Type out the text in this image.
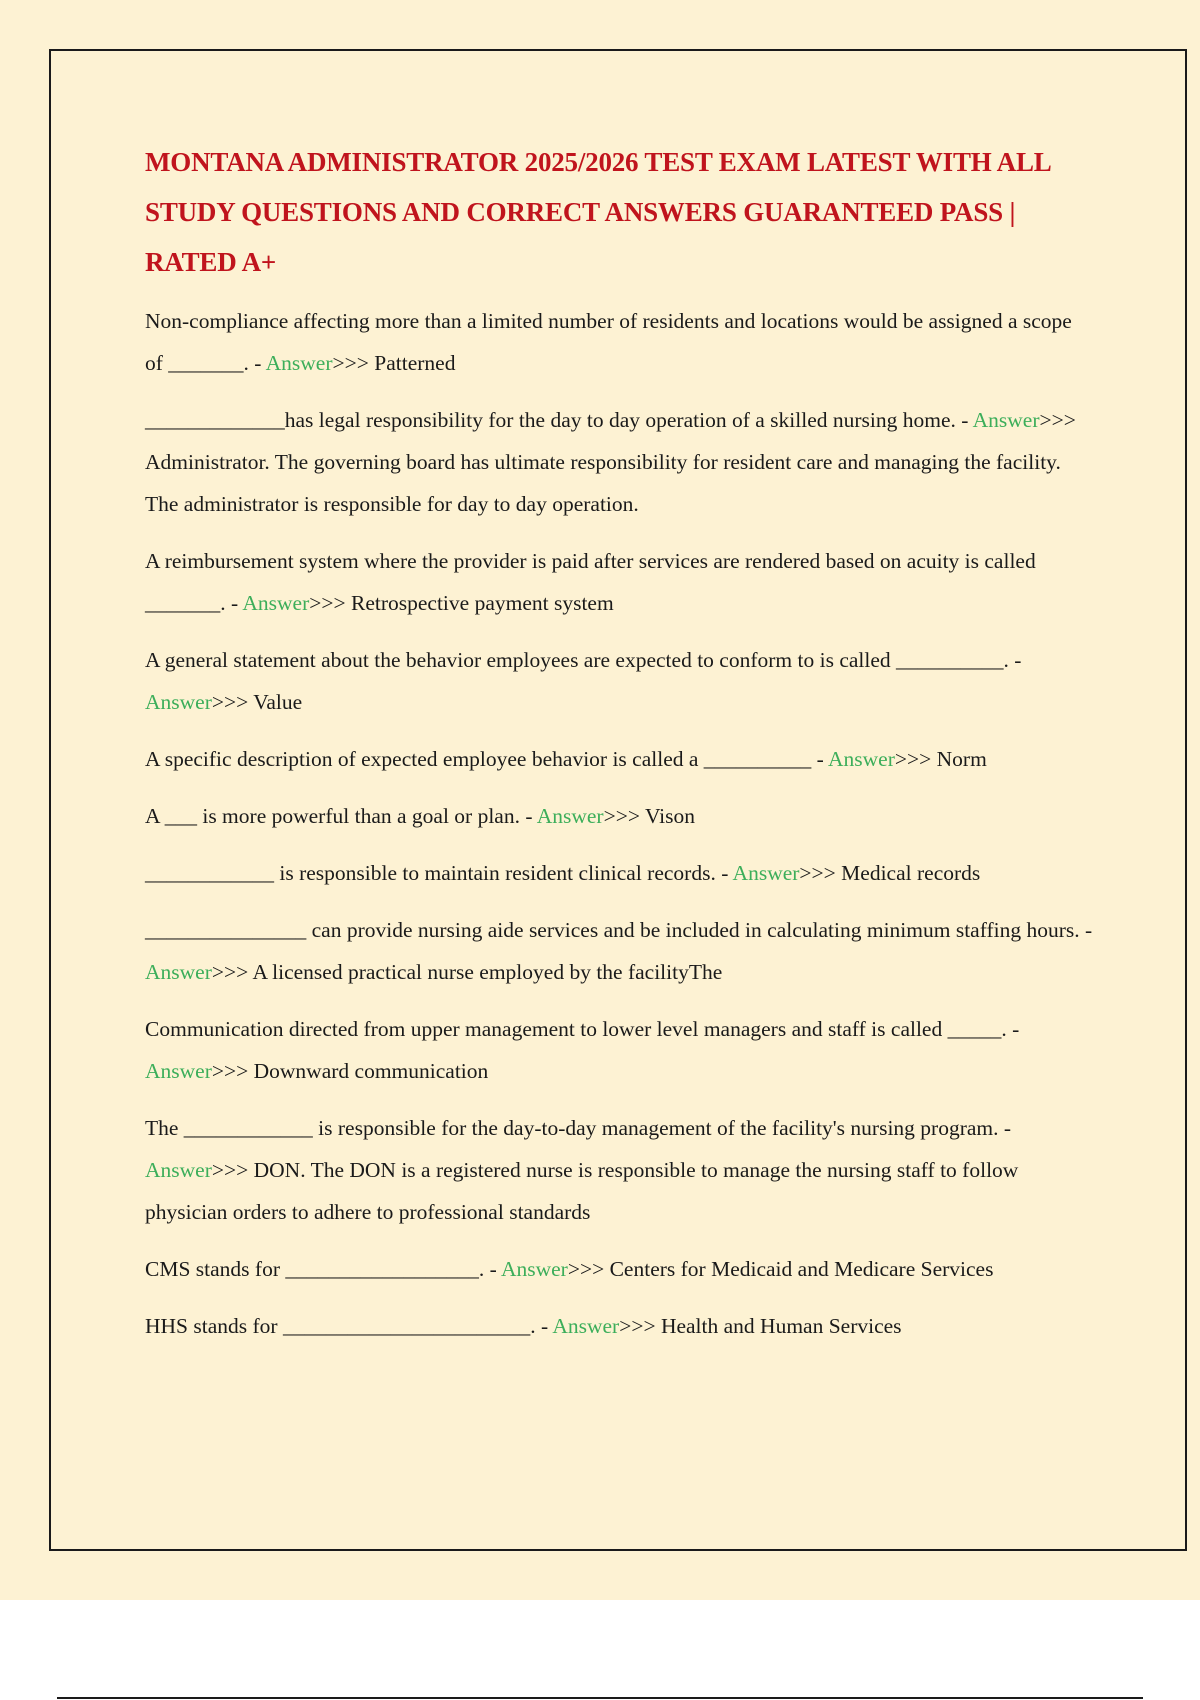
MONTANA ADMINISTRATOR 2025/2026 TEST EXAM LATEST WITH ALL STUDY QUESTIONS AND CORRECT ANSWERS GUARANTEED PASS | RATED A+

Non-compliance affecting more than a limited number of residents and locations would be assigned a scope of _______. - Answer>>> Patterned

_____________has legal responsibility for the day to day operation of a skilled nursing home. - Answer>>> Administrator. The governing board has ultimate responsibility for resident care and managing the facility. The administrator is responsible for day to day operation.

A reimbursement system where the provider is paid after services are rendered based on acuity is called _______. - Answer>>> Retrospective payment system

A general statement about the behavior employees are expected to conform to is called __________. - Answer>>> Value

A specific description of expected employee behavior is called a __________ - Answer>>> Norm

A ___ is more powerful than a goal or plan. - Answer>>> Vison

____________ is responsible to maintain resident clinical records. - Answer>>> Medical records

_______________ can provide nursing aide services and be included in calculating minimum staffing hours. - Answer>>> A licensed practical nurse employed by the facilityThe

Communication directed from upper management to lower level managers and staff is called _____. - Answer>>> Downward communication

The ____________ is responsible for the day-to-day management of the facility's nursing program. - Answer>>> DON. The DON is a registered nurse is responsible to manage the nursing staff to follow physician orders to adhere to professional standards

CMS stands for __________________. - Answer>>> Centers for Medicaid and Medicare Services

HHS stands for _______________________. - Answer>>> Health and Human Services
